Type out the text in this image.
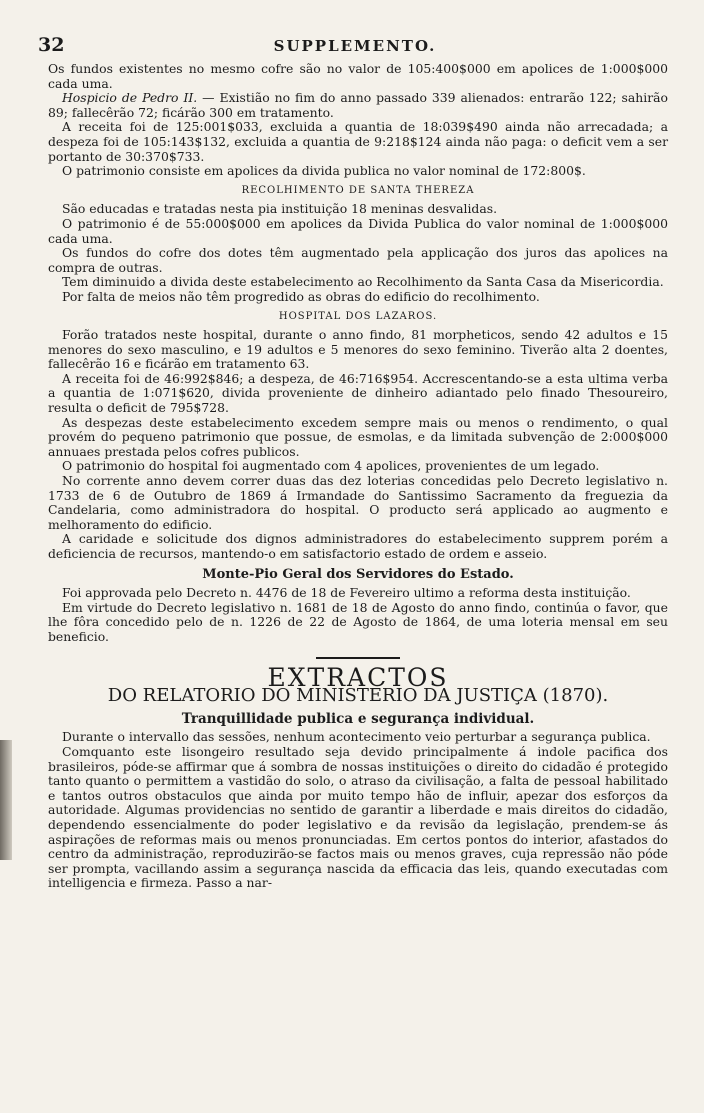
32	SUPPLEMENTO.

Os fundos existentes no mesmo cofre são no valor de 105:400$000 em apolices de 1:000$000 cada uma.

Hospicio de Pedro II. — Existião no fim do anno passado 339 alienados: entrarão 122; sahirão 89; fallecêrão 72; ficárão 300 em tratamento.

A receita foi de 125:001$033, excluida a quantia de 18:039$490 ainda não arrecadada; a despeza foi de 105:143$132, excluida a quantia de 9:218$124 ainda não paga: o deficit vem a ser portanto de 30:370$733.

O patrimonio consiste em apolices da divida publica no valor nominal de 172:800$.

RECOLHIMENTO DE SANTA THEREZA

São educadas e tratadas nesta pia instituição 18 meninas desvalidas.

O patrimonio é de 55:000$000 em apolices da Divida Publica do valor nominal de 1:000$000 cada uma.

Os fundos do cofre dos dotes têm augmentado pela applicação dos juros das apolices na compra de outras.

Tem diminuido a divida deste estabelecimento ao Recolhimento da Santa Casa da Misericordia.

Por falta de meios não têm progredido as obras do edificio do recolhimento.

HOSPITAL DOS LAZAROS.

Forão tratados neste hospital, durante o anno findo, 81 morpheticos, sendo 42 adultos e 15 menores do sexo masculino, e 19 adultos e 5 menores do sexo feminino. Tiverão alta 2 doentes, fallecêrão 16 e ficárão em tratamento 63.

A receita foi de 46:992$846; a despeza, de 46:716$954. Accrescentando-se a esta ultima verba a quantia de 1:071$620, divida proveniente de dinheiro adiantado pelo finado Thesoureiro, resulta o deficit de 795$728.

As despezas deste estabelecimento excedem sempre mais ou menos o rendimento, o qual provém do pequeno patrimonio que possue, de esmolas, e da limitada subvenção de 2:000$000 annuaes prestada pelos cofres publicos.

O patrimonio do hospital foi augmentado com 4 apolices, provenientes de um legado.

No corrente anno devem correr duas das dez loterias concedidas pelo Decreto legislativo n. 1733 de 6 de Outubro de 1869 á Irmandade do Santissimo Sacramento da freguezia da Candelaria, como administradora do hospital. O producto será applicado ao augmento e melhoramento do edificio.

A caridade e solicitude dos dignos administradores do estabelecimento supprem porém a deficiencia de recursos, mantendo-o em satisfactorio estado de ordem e asseio.

Monte-Pio Geral dos Servidores do Estado.

Foi approvada pelo Decreto n. 4476 de 18 de Fevereiro ultimo a reforma desta instituição.

Em virtude do Decreto legislativo n. 1681 de 18 de Agosto do anno findo, continúa o favor, que lhe fôra concedido pelo de n. 1226 de 22 de Agosto de 1864, de uma loteria mensal em seu beneficio.

EXTRACTOS
DO RELATORIO DO MINISTERIO DA JUSTIÇA (1870).
Tranquillidade publica e segurança individual.

Durante o intervallo das sessões, nenhum acontecimento veio perturbar a segurança publica.

Comquanto este lisongeiro resultado seja devido principalmente á indole pacifica dos brasileiros, póde-se affirmar que á sombra de nossas instituições o direito do cidadão é protegido tanto quanto o permittem a vastidão do solo, o atraso da civilisação, a falta de pessoal habilitado e tantos outros obstaculos que ainda por muito tempo hão de influir, apezar dos esforços da autoridade. Algumas providencias no sentido de garantir a liberdade e mais direitos do cidadão, dependendo essencialmente do poder legislativo e da revisão da legislação, prendem-se ás aspirações de reformas mais ou menos pronunciadas. Em certos pontos do interior, afastados do centro da administração, reproduzirão-se factos mais ou menos graves, cuja repressão não póde ser prompta, vacillando assim a segurança nascida da efficacia das leis, quando executadas com intelligencia e firmeza. Passo a nar-
